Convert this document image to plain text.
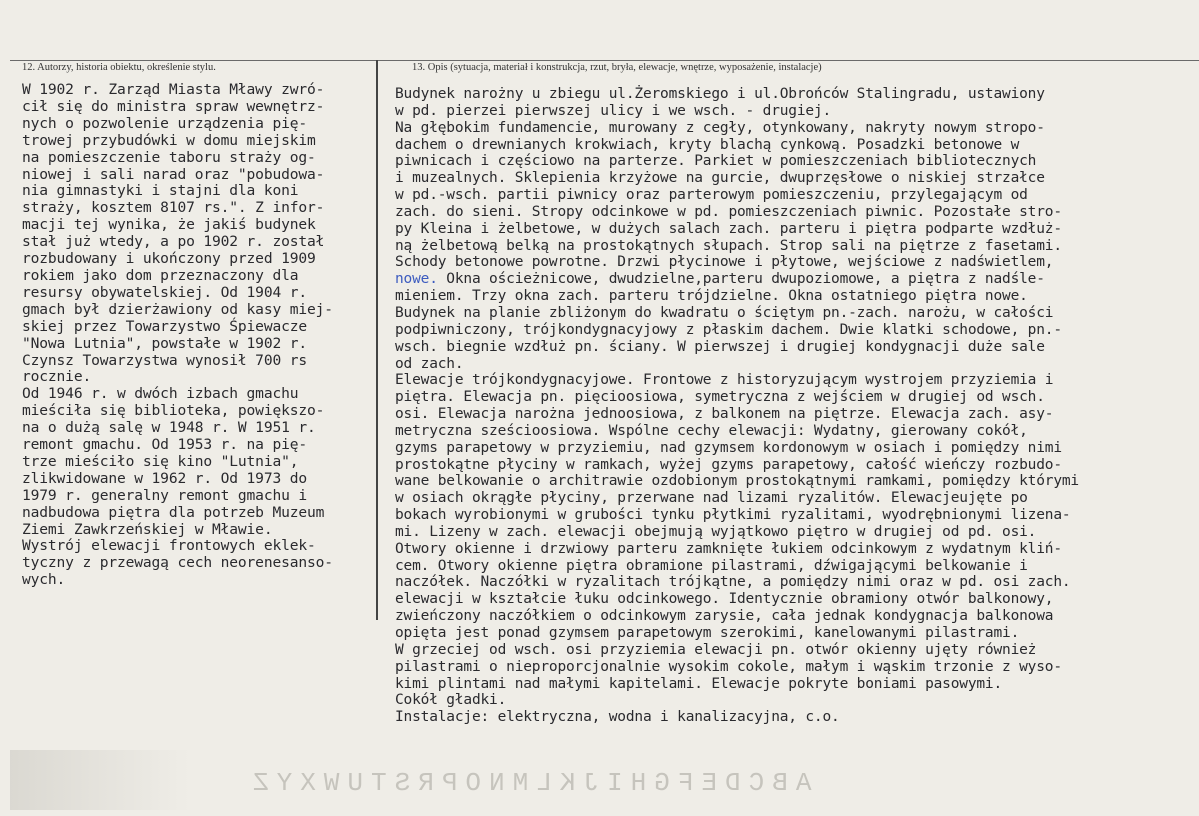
12. Autorzy, historia obiektu, określenie stylu.	13. Opis (sytuacja, materiał i konstrukcja, rzut, bryła, elewacje, wnętrze, wyposażenie, instalacje)
W 1902 r. Zarząd Miasta Mławy zwró-
cił się do ministra spraw wewnętrz-
nych o pozwolenie urządzenia pię-
trowej przybudówki w domu miejskim
na pomieszczenie taboru straży og-
niowej i sali narad oraz "pobudowa-
nia gimnastyki i stajni dla koni
straży, kosztem 8107 rs.". Z infor-
macji tej wynika, że jakiś budynek
stał już wtedy, a po 1902 r. został
rozbudowany i ukończony przed 1909
rokiem jako dom przeznaczony dla
resursy obywatelskiej. Od 1904 r.
gmach był dzierżawiony od kasy miej-
skiej przez Towarzystwo Śpiewacze
"Nowa Lutnia", powstałe w 1902 r.
Czynsz Towarzystwa wynosił 700 rs
rocznie.
Od 1946 r. w dwóch izbach gmachu
mieściła się biblioteka, powiększo-
na o dużą salę w 1948 r. W 1951 r.
remont gmachu. Od 1953 r. na pię-
trze mieściło się kino "Lutnia",
zlikwidowane w 1962 r. Od 1973 do
1979 r. generalny remont gmachu i
nadbudowa piętra dla potrzeb Muzeum
Ziemi Zawkrzeńskiej w Mławie.
Wystrój elewacji frontowych eklek-
tyczny z przewagą cech neorenesanso-
wych.
Budynek narożny u zbiegu ul.Żeromskiego i ul.Obrońców Stalingradu, ustawiony
w pd. pierzei pierwszej ulicy i we wsch. - drugiej.
Na głębokim fundamencie, murowany z cegły, otynkowany, nakryty nowym stropo-
dachem o drewnianych krokwiach, kryty blachą cynkową. Posadzki betonowe w
piwnicach i częściowo na parterze. Parkiet w pomieszczeniach bibliotecznych
i muzealnych. Sklepienia krzyżowe na gurcie, dwuprzęsłowe o niskiej strzałce
w pd.-wsch. partii piwnicy oraz parterowym pomieszczeniu, przylegającym od
zach. do sieni. Stropy odcinkowe w pd. pomieszczeniach piwnic. Pozostałe stro-
py Kleina i żelbetowe, w dużych salach zach. parteru i piętra podparte wzdłuż-
ną żelbetową belką na prostokątnych słupach. Strop sali na piętrze z fasetami.
Schody betonowe powrotne. Drzwi płycinowe i płytowe, wejściowe z nadświetlem,
nowe. Okna ościeżnicowe, dwudzielne,parteru dwupoziomowe, a piętra z nadśle-
mieniem. Trzy okna zach. parteru trójdzielne. Okna ostatniego piętra nowe.
Budynek na planie zbliżonym do kwadratu o ściętym pn.-zach. narożu, w całości
podpiwniczony, trójkondygnacyjowy z płaskim dachem. Dwie klatki schodowe, pn.-
wsch. biegnie wzdłuż pn. ściany. W pierwszej i drugiej kondygnacji duże sale
od zach.
Elewacje trójkondygnacyjowe. Frontowe z historyzującym wystrojem przyziemia i
piętra. Elewacja pn. pięcioosiowa, symetryczna z wejściem w drugiej od wsch.
osi. Elewacja narożna jednoosiowa, z balkonem na piętrze. Elewacja zach. asy-
metryczna sześcioosiowa. Wspólne cechy elewacji: Wydatny, gierowany cokół,
gzyms parapetowy w przyziemiu, nad gzymsem kordonowym w osiach i pomiędzy nimi
prostokątne płyciny w ramkach, wyżej gzyms parapetowy, całość wieńczy rozbudo-
wane belkowanie o architrawie ozdobionym prostokątnymi ramkami, pomiędzy którymi
w osiach okrągłe płyciny, przerwane nad lizami ryzalitów. Elewacjeujęte po
bokach wyrobionymi w grubości tynku płytkimi ryzalitami, wyodrębnionymi lizena-
mi. Lizeny w zach. elewacji obejmują wyjątkowo piętro w drugiej od pd. osi.
Otwory okienne i drzwiowy parteru zamknięte łukiem odcinkowym z wydatnym kliń-
cem. Otwory okienne piętra obramione pilastrami, dźwigającymi belkowanie i
naczółek. Naczółki w ryzalitach trójkątne, a pomiędzy nimi oraz w pd. osi zach.
elewacji w kształcie łuku odcinkowego. Identycznie obramiony otwór balkonowy,
zwieńczony naczółkiem o odcinkowym zarysie, cała jednak kondygnacja balkonowa
opięta jest ponad gzymsem parapetowym szerokimi, kanelowanymi pilastrami.
W grzeciej od wsch. osi przyziemia elewacji pn. otwór okienny ujęty również
pilastrami o nieproporcjonalnie wysokim cokole, małym i wąskim trzonie z wyso-
kimi plintami nad małymi kapitelami. Elewacje pokryte boniami pasowymi.
Cokół gładki.
Instalacje: elektryczna, wodna i kanalizacyjna, c.o.
ABCDEFGHIJKLMNOPRSTUWXYZ
